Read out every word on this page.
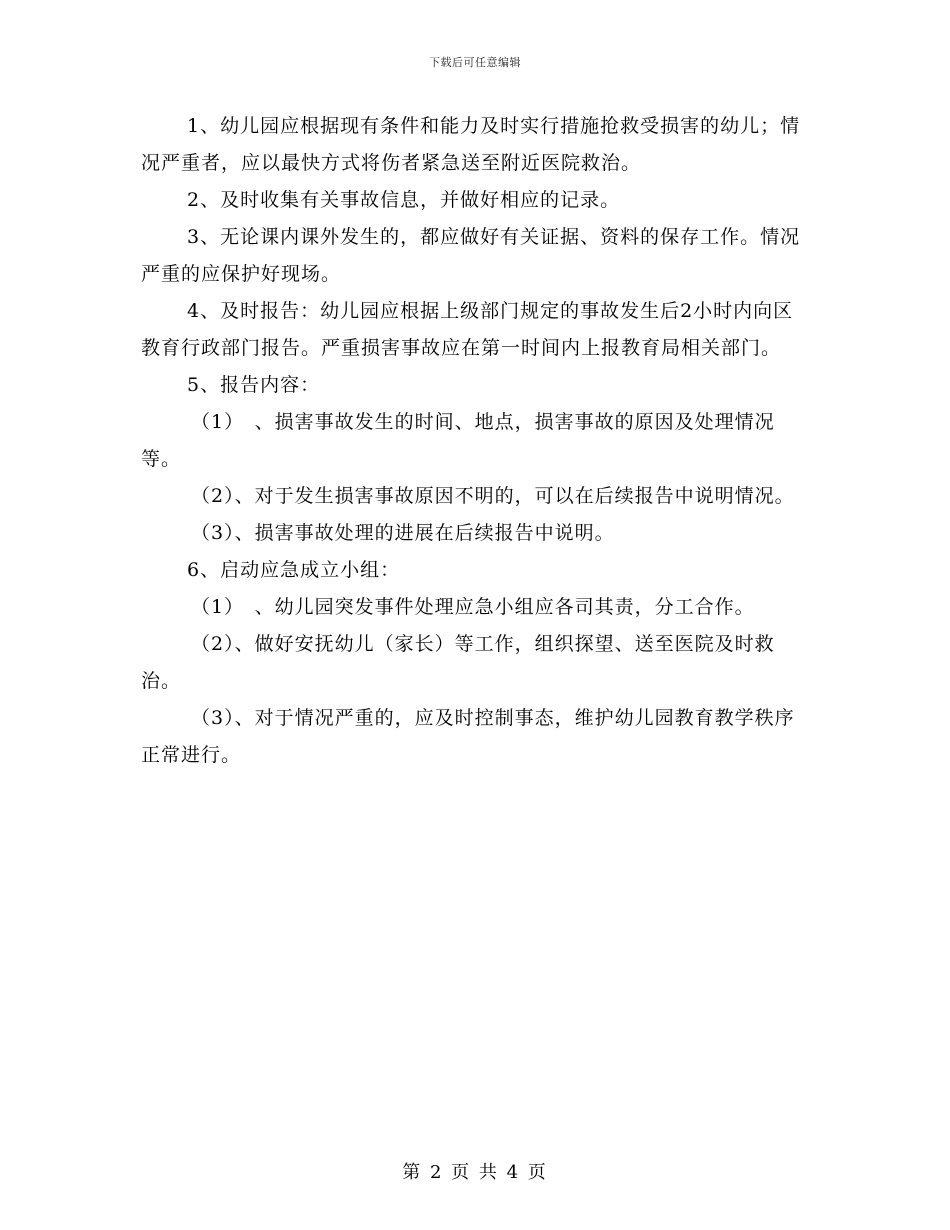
下载后可任意编辑

1、幼儿园应根据现有条件和能力及时实行措施抢救受损害的幼儿；情况严重者，应以最快方式将伤者紧急送至附近医院救治。

2、及时收集有关事故信息，并做好相应的记录。

3、无论课内课外发生的，都应做好有关证据、资料的保存工作。情况严重的应保护好现场。

4、及时报告：幼儿园应根据上级部门规定的事故发生后2小时内向区教育行政部门报告。严重损害事故应在第一时间内上报教育局相关部门。

5、报告内容：

（1）　、损害事故发生的时间、地点，损害事故的原因及处理情况等。

（2）、对于发生损害事故原因不明的，可以在后续报告中说明情况。

（3）、损害事故处理的进展在后续报告中说明。

6、启动应急成立小组：

（1）　、幼儿园突发事件处理应急小组应各司其责，分工合作。

（2）、做好安抚幼儿（家长）等工作，组织探望、送至医院及时救治。

（3）、对于情况严重的，应及时控制事态，维护幼儿园教育教学秩序正常进行。

第 2 页 共 4 页
